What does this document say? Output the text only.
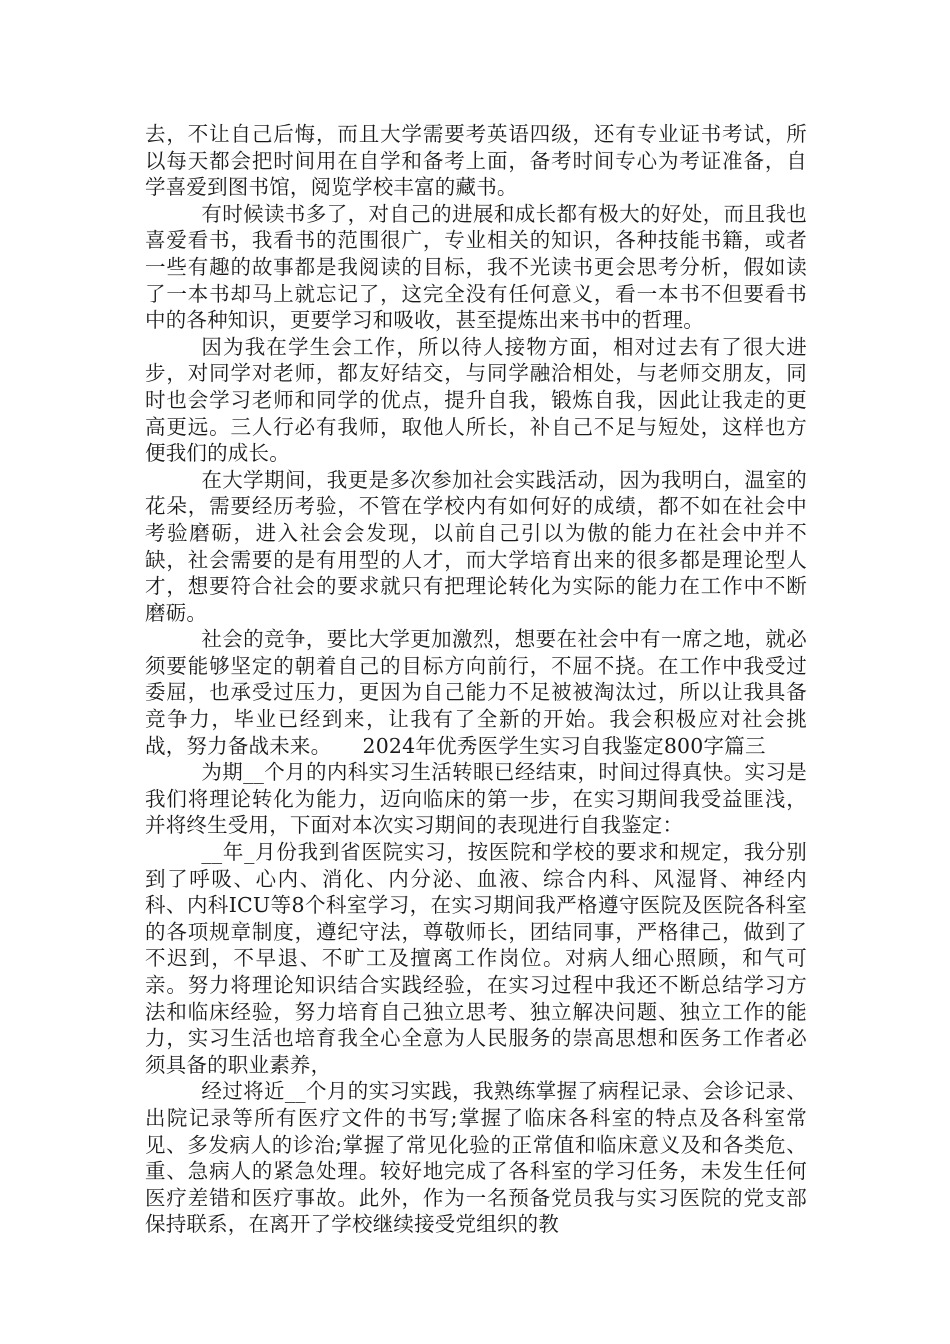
去，不让自己后悔，而且大学需要考英语四级，还有专业证书考试，所以每天都会把时间用在自学和备考上面，备考时间专心为考证准备，自学喜爱到图书馆，阅览学校丰富的藏书。

有时候读书多了，对自己的进展和成长都有极大的好处，而且我也喜爱看书，我看书的范围很广，专业相关的知识，各种技能书籍，或者一些有趣的故事都是我阅读的目标，我不光读书更会思考分析，假如读了一本书却马上就忘记了，这完全没有任何意义，看一本书不但要看书中的各种知识，更要学习和吸收，甚至提炼出来书中的哲理。

因为我在学生会工作，所以待人接物方面，相对过去有了很大进步，对同学对老师，都友好结交，与同学融洽相处，与老师交朋友，同时也会学习老师和同学的优点，提升自我，锻炼自我，因此让我走的更高更远。三人行必有我师，取他人所长，补自己不足与短处，这样也方便我们的成长。

在大学期间，我更是多次参加社会实践活动，因为我明白，温室的花朵，需要经历考验，不管在学校内有如何好的成绩，都不如在社会中考验磨砺，进入社会会发现，以前自己引以为傲的能力在社会中并不缺，社会需要的是有用型的人才，而大学培育出来的很多都是理论型人才，想要符合社会的要求就只有把理论转化为实际的能力在工作中不断磨砺。

社会的竞争，要比大学更加激烈，想要在社会中有一席之地，就必须要能够坚定的朝着自己的目标方向前行，不屈不挠。在工作中我受过委屈，也承受过压力，更因为自己能力不足被被淘汰过，所以让我具备竞争力，毕业已经到来，让我有了全新的开始。我会积极应对社会挑战，努力备战未来。　　2024年优秀医学生实习自我鉴定800字篇三

为期__个月的内科实习生活转眼已经结束，时间过得真快。实习是我们将理论转化为能力，迈向临床的第一步，在实习期间我受益匪浅，并将终生受用，下面对本次实习期间的表现进行自我鉴定：

__年_月份我到省医院实习，按医院和学校的要求和规定，我分别到了呼吸、心内、消化、内分泌、血液、综合内科、风湿肾、神经内科、内科ICU等8个科室学习，在实习期间我严格遵守医院及医院各科室的各项规章制度，遵纪守法，尊敬师长，团结同事，严格律己，做到了不迟到，不早退、不旷工及擅离工作岗位。对病人细心照顾，和气可亲。努力将理论知识结合实践经验，在实习过程中我还不断总结学习方法和临床经验，努力培育自己独立思考、独立解决问题、独立工作的能力，实习生活也培育我全心全意为人民服务的崇高思想和医务工作者必须具备的职业素养，

经过将近__个月的实习实践，我熟练掌握了病程记录、会诊记录、出院记录等所有医疗文件的书写;掌握了临床各科室的特点及各科室常见、多发病人的诊治;掌握了常见化验的正常值和临床意义及和各类危、重、急病人的紧急处理。较好地完成了各科室的学习任务，未发生任何医疗差错和医疗事故。此外，作为一名预备党员我与实习医院的党支部保持联系，在离开了学校继续接受党组织的教
